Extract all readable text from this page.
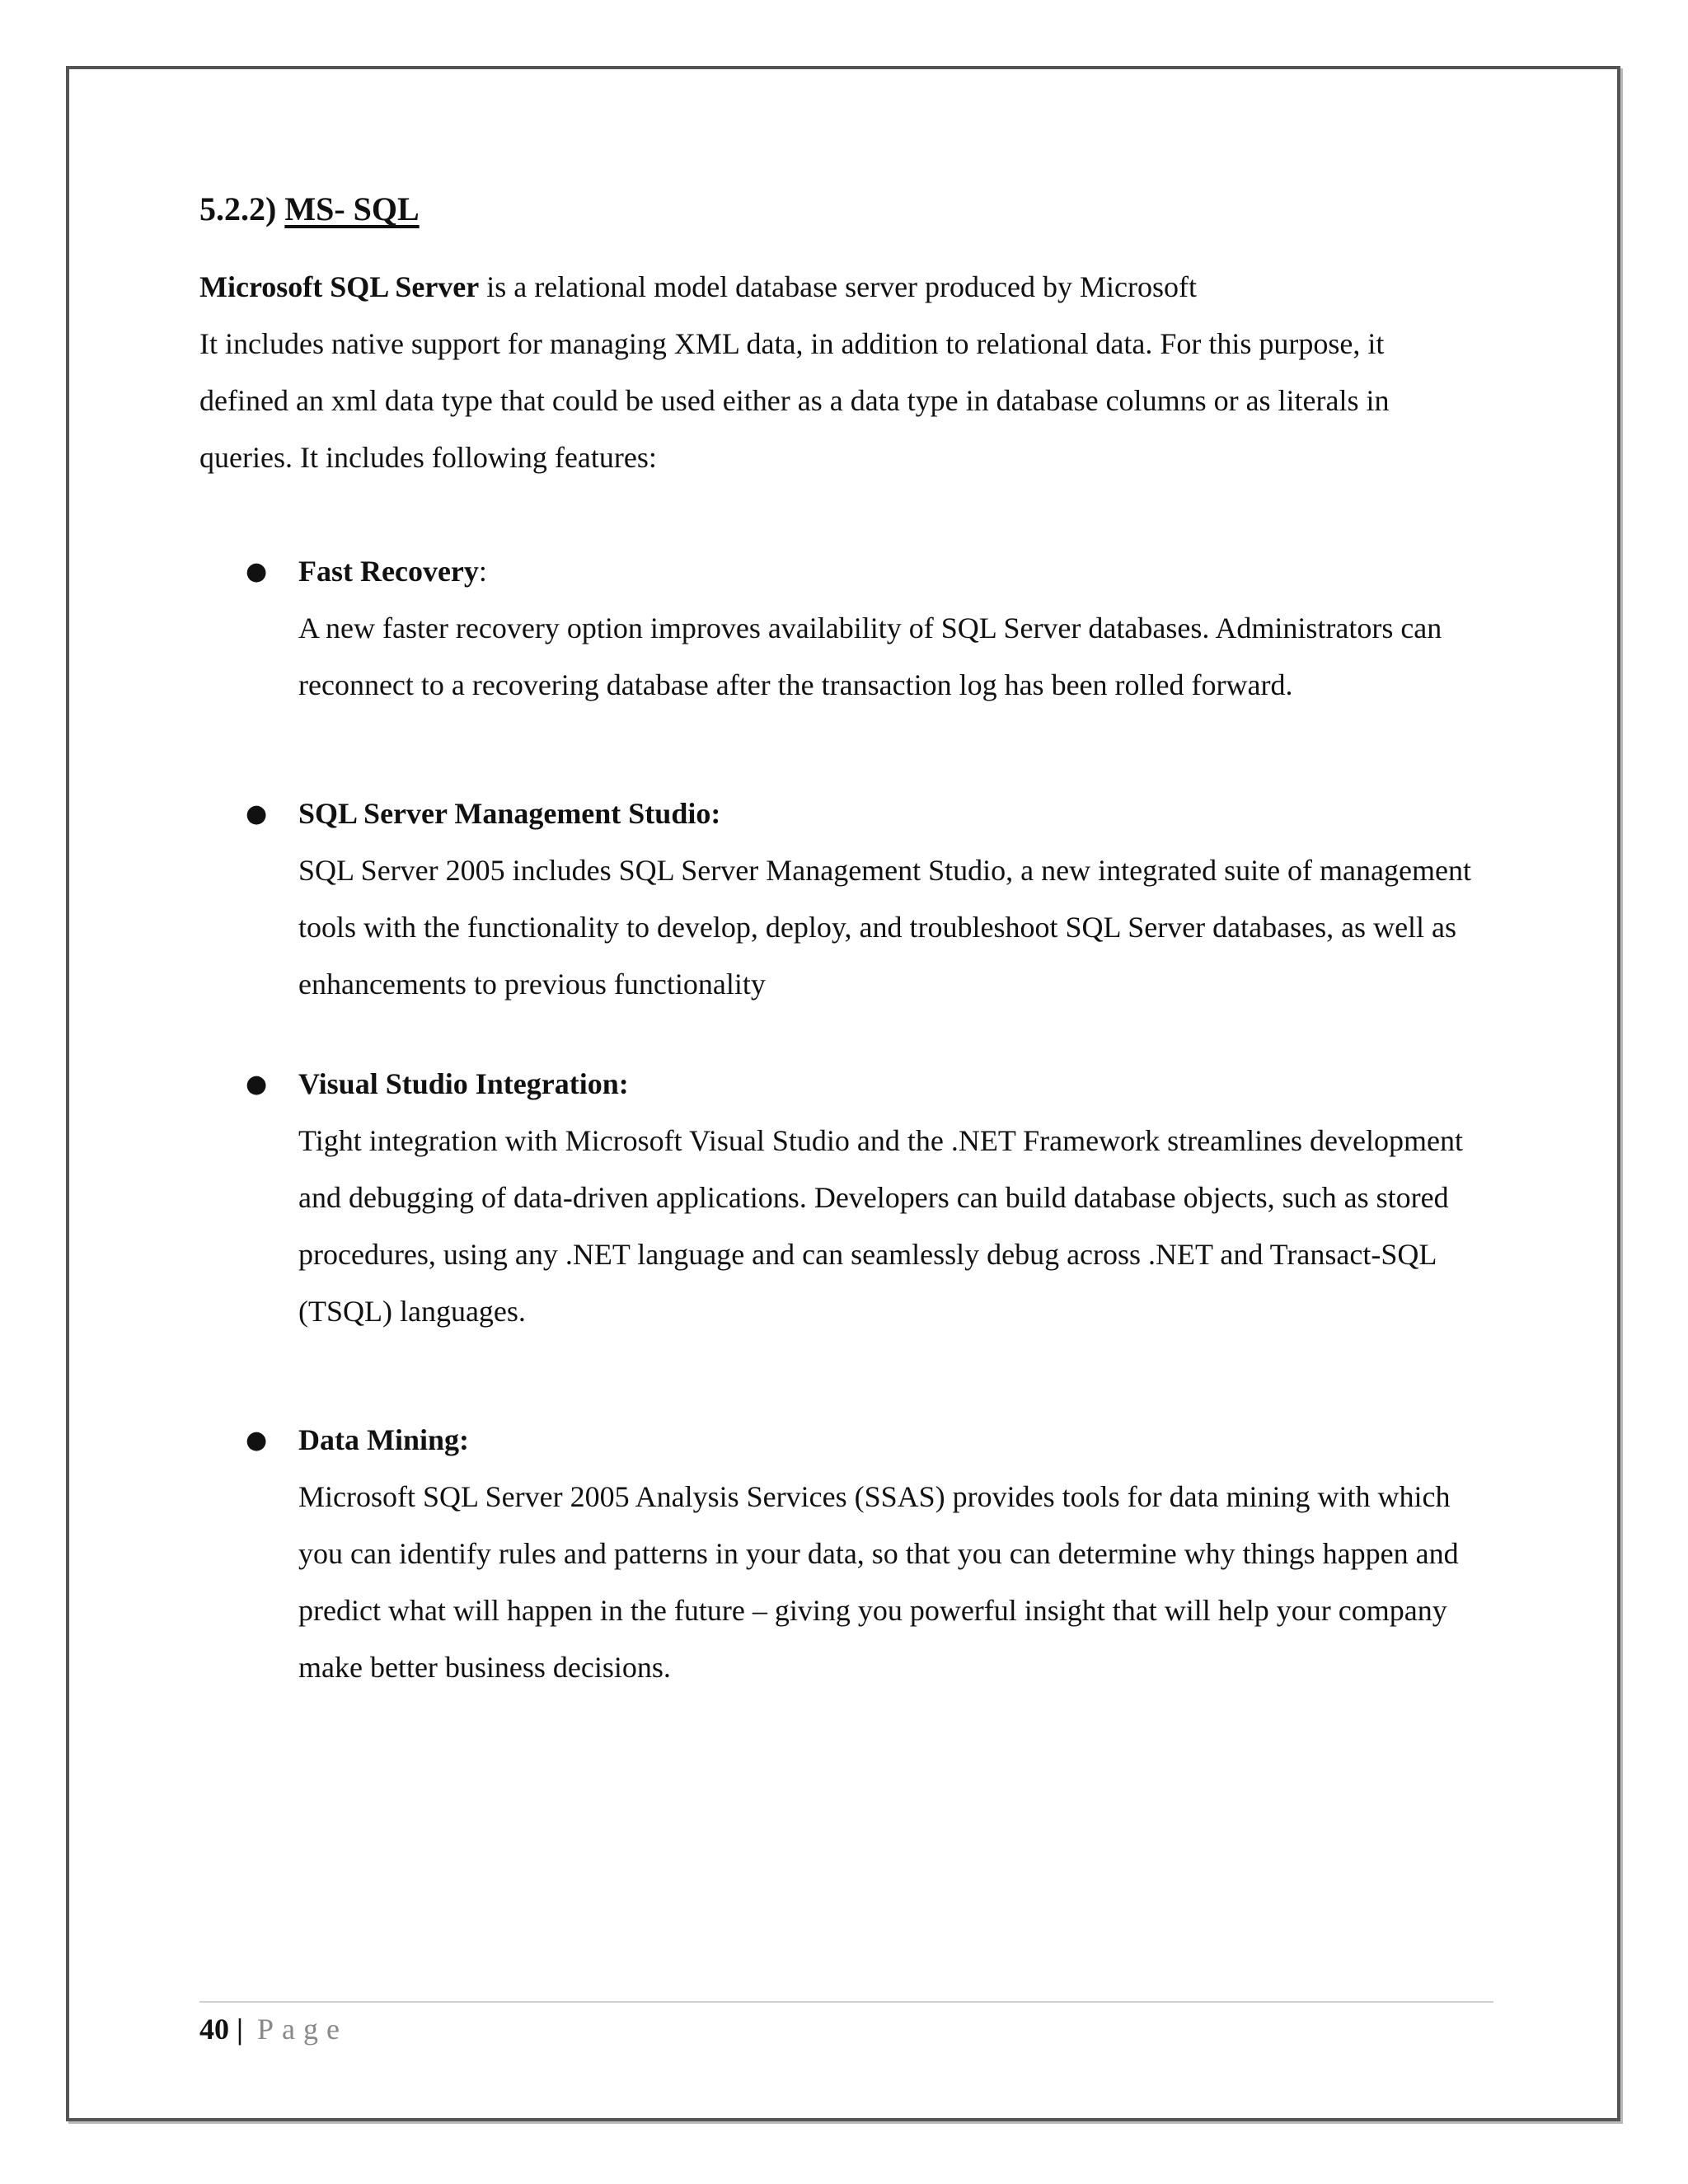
5.2.2) MS- SQL

Microsoft SQL Server is a relational model database server produced by Microsoft
It includes native support for managing XML data, in addition to relational data. For this purpose, it defined an xml data type that could be used either as a data type in database columns or as literals in queries. It includes following features:

● Fast Recovery:
A new faster recovery option improves availability of SQL Server databases. Administrators can reconnect to a recovering database after the transaction log has been rolled forward.
● SQL Server Management Studio:
SQL Server 2005 includes SQL Server Management Studio, a new integrated suite of management tools with the functionality to develop, deploy, and troubleshoot SQL Server databases, as well as enhancements to previous functionality
● Visual Studio Integration:
Tight integration with Microsoft Visual Studio and the .NET Framework streamlines development and debugging of data-driven applications. Developers can build database objects, such as stored procedures, using any .NET language and can seamlessly debug across .NET and Transact-SQL (TSQL) languages.
● Data Mining:
Microsoft SQL Server 2005 Analysis Services (SSAS) provides tools for data mining with which you can identify rules and patterns in your data, so that you can determine why things happen and predict what will happen in the future – giving you powerful insight that will help your company make better business decisions.
40 | Page
